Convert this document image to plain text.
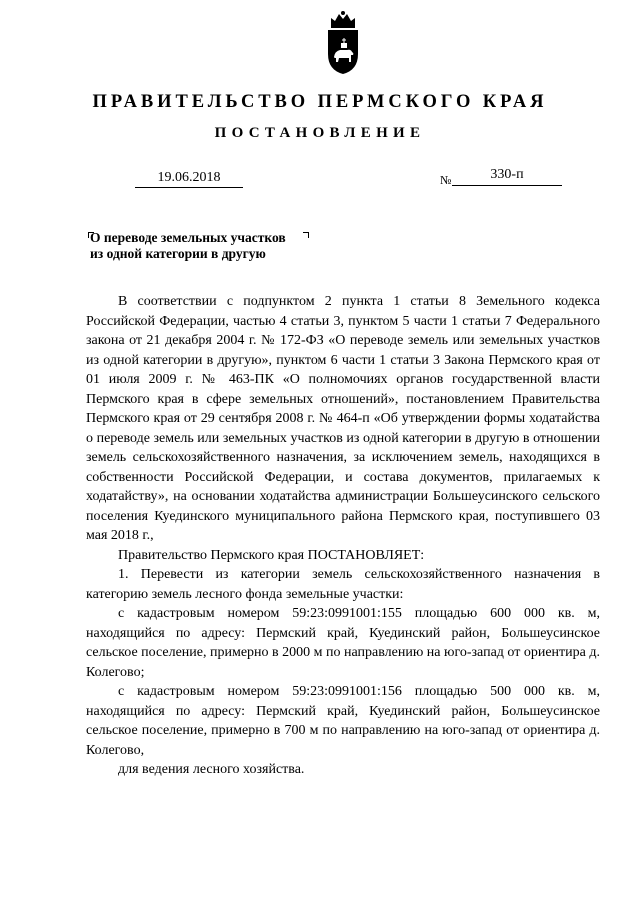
ПРАВИТЕЛЬСТВО ПЕРМСКОГО КРАЯ
ПОСТАНОВЛЕНИЕ
19.06.2018	№	330-п
О переводе земельных участков
из одной категории в другую

В соответствии с подпунктом 2 пункта 1 статьи 8 Земельного кодекса Российской Федерации, частью 4 статьи 3, пунктом 5 части 1 статьи 7 Федерального закона от 21 декабря 2004 г. № 172-ФЗ «О переводе земель или земельных участков из одной категории в другую», пунктом 6 части 1 статьи 3 Закона Пермского края от 01 июля 2009 г. № 463-ПК «О полномочиях органов государственной власти Пермского края в сфере земельных отношений», постановлением Правительства Пермского края от 29 сентября 2008 г. № 464-п «Об утверждении формы ходатайства о переводе земель или земельных участков из одной категории в другую в отношении земель сельскохозяйственного назначения, за исключением земель, находящихся в собственности Российской Федерации, и состава документов, прилагаемых к ходатайству», на основании ходатайства администрации Большеусинского сельского поселения Куединского муниципального района Пермского края, поступившего 03 мая 2018 г.,

Правительство Пермского края ПОСТАНОВЛЯЕТ:

1. Перевести из категории земель сельскохозяйственного назначения в категорию земель лесного фонда земельные участки:

с кадастровым номером 59:23:0991001:155 площадью 600 000 кв. м, находящийся по адресу: Пермский край, Куединский район, Большеусинское сельское поселение, примерно в 2000 м по направлению на юго-запад от ориентира д. Колегово;

с кадастровым номером 59:23:0991001:156 площадью 500 000 кв. м, находящийся по адресу: Пермский край, Куединский район, Большеусинское сельское поселение, примерно в 700 м по направлению на юго-запад от ориентира д. Колегово,

для ведения лесного хозяйства.
